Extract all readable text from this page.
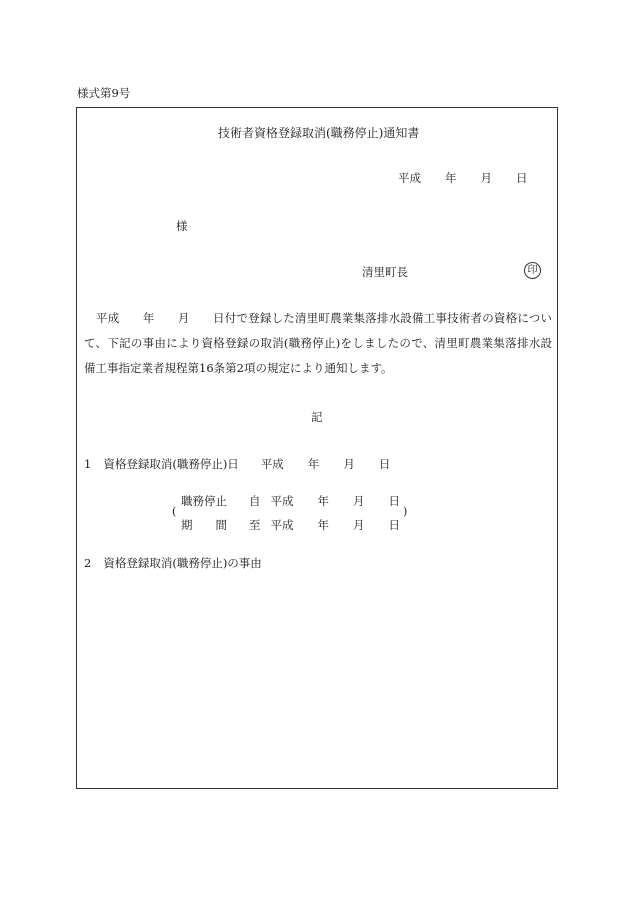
様式第9号
技術者資格登録取消(職務停止)通知書
平成 年 月 日
様
清里町長	印
平成　　年　　月　　日付で登録した清里町農業集落排水設備工事技術者の資格について、下記の事由により資格登録の取消(職務停止)をしましたので、清里町農業集落排水設備工事指定業者規程第16条第2項の規定により通知します。
記
1 資格登録取消(職務停止)日 平成 年 月 日
(	)
職務停止 自 平成 年 月 日
期　　間 至 平成 年 月 日
2 資格登録取消(職務停止)の事由
